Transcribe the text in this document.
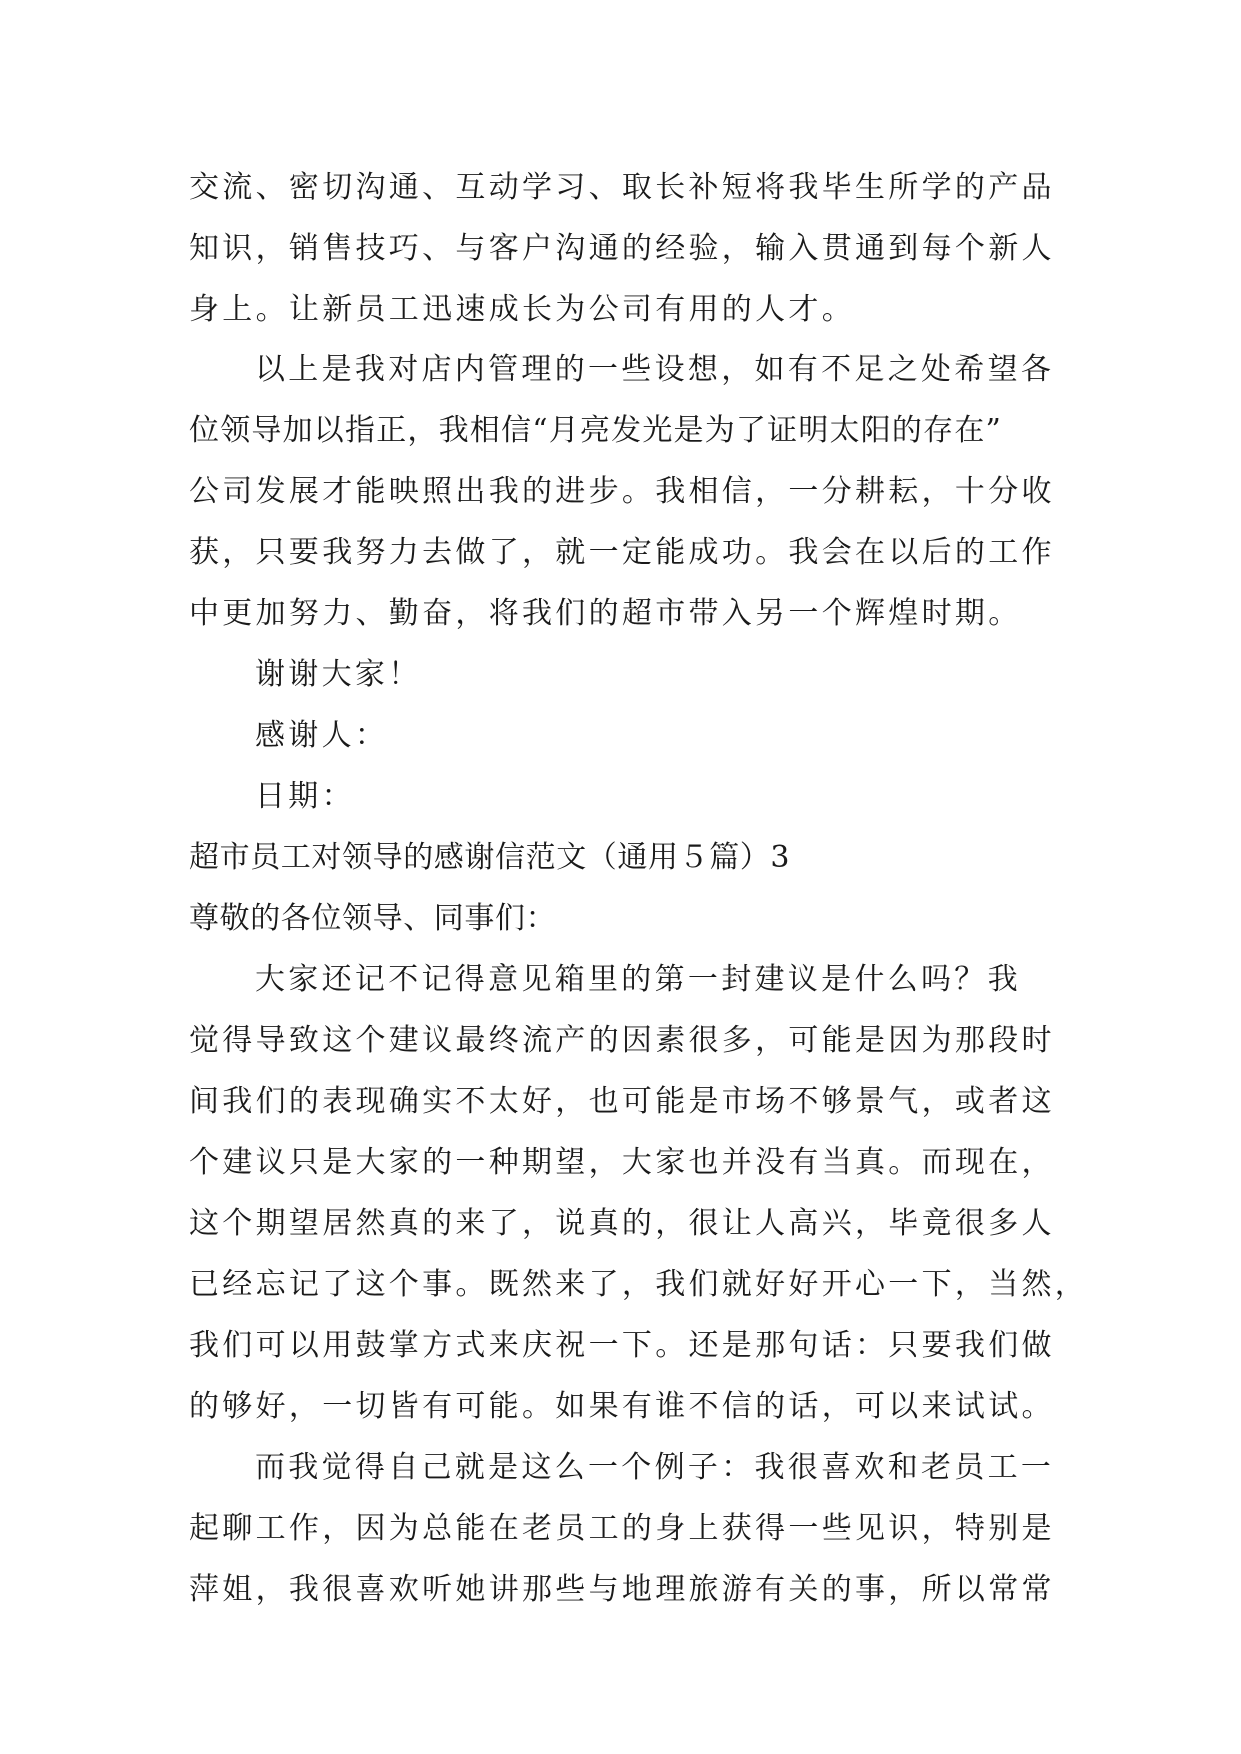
交流、密切沟通、互动学习、取长补短将我毕生所学的产品
知识，销售技巧、与客户沟通的经验，输入贯通到每个新人
身上。让新员工迅速成长为公司有用的人才。
以上是我对店内管理的一些设想，如有不足之处希望各
位领导加以指正，我相信“月亮发光是为了证明太阳的存在”
公司发展才能映照出我的进步。我相信，一分耕耘，十分收
获，只要我努力去做了，就一定能成功。我会在以后的工作
中更加努力、勤奋，将我们的超市带入另一个辉煌时期。
谢谢大家！
感谢人：
日期：
超市员工对领导的感谢信范文（通用５篇）3
尊敬的各位领导、同事们：
大家还记不记得意见箱里的第一封建议是什么吗？我
觉得导致这个建议最终流产的因素很多，可能是因为那段时
间我们的表现确实不太好，也可能是市场不够景气，或者这
个建议只是大家的一种期望，大家也并没有当真。而现在，
这个期望居然真的来了，说真的，很让人高兴，毕竟很多人
已经忘记了这个事。既然来了，我们就好好开心一下，当然，
我们可以用鼓掌方式来庆祝一下。还是那句话：只要我们做
的够好，一切皆有可能。如果有谁不信的话，可以来试试。
而我觉得自己就是这么一个例子：我很喜欢和老员工一
起聊工作，因为总能在老员工的身上获得一些见识，特别是
萍姐，我很喜欢听她讲那些与地理旅游有关的事，所以常常
